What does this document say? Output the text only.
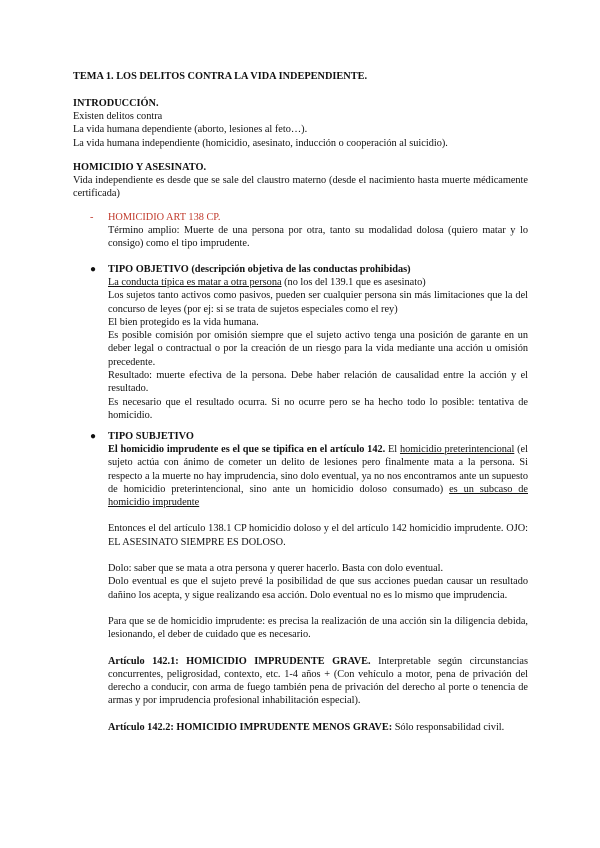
TEMA 1. LOS DELITOS CONTRA LA VIDA INDEPENDIENTE.
INTRODUCCIÓN.
Existen delitos contra
La vida humana dependiente (aborto, lesiones al feto…).
La vida humana independiente (homicidio, asesinato, inducción o cooperación al suicidio).
HOMICIDIO Y ASESINATO.
Vida independiente es desde que se sale del claustro materno (desde el nacimiento hasta muerte médicamente certificada)
- HOMICIDIO ART 138 CP.
Término amplio: Muerte de una persona por otra, tanto su modalidad dolosa (quiero matar y lo consigo) como el tipo imprudente.
● TIPO OBJETIVO (descripción objetiva de las conductas prohibidas)

La conducta típica es matar a otra persona (no los del 139.1 que es asesinato)

Los sujetos tanto activos como pasivos, pueden ser cualquier persona sin más limitaciones que la del concurso de leyes (por ej: si se trata de sujetos especiales como el rey)

El bien protegido es la vida humana.

Es posible comisión por omisión siempre que el sujeto activo tenga una posición de garante en un deber legal o contractual o por la creación de un riesgo para la vida mediante una acción u omisión precedente.

Resultado: muerte efectiva de la persona. Debe haber relación de causalidad entre la acción y el resultado.

Es necesario que el resultado ocurra. Si no ocurre pero se ha hecho todo lo posible: tentativa de homicidio.

● TIPO SUBJETIVO

El homicidio imprudente es el que se tipifica en el artículo 142. El homicidio preterintencional (el sujeto actúa con ánimo de cometer un delito de lesiones pero finalmente mata a la persona. Si respecto a la muerte no hay imprudencia, sino dolo eventual, ya no nos encontramos ante un supuesto de homicidio preterintencional, sino ante un homicidio doloso consumado) es un subcaso de homicidio imprudente

Entonces el del artículo 138.1 CP homicidio doloso y el del artículo 142 homicidio imprudente. OJO: EL ASESINATO SIEMPRE ES DOLOSO.

Dolo: saber que se mata a otra persona y querer hacerlo. Basta con dolo eventual.

Dolo eventual es que el sujeto prevé la posibilidad de que sus acciones puedan causar un resultado dañino los acepta, y sigue realizando esa acción. Dolo eventual no es lo mismo que imprudencia.

Para que se de homicidio imprudente: es precisa la realización de una acción sin la diligencia debida, lesionando, el deber de cuidado que es necesario.

Artículo 142.1: HOMICIDIO IMPRUDENTE GRAVE. Interpretable según circunstancias concurrentes, peligrosidad, contexto, etc. 1-4 años + (Con vehículo a motor, pena de privación del derecho a conducir, con arma de fuego también pena de privación del derecho al porte o tenencia de armas y por imprudencia profesional inhabilitación especial).

Artículo 142.2: HOMICIDIO IMPRUDENTE MENOS GRAVE: Sólo responsabilidad civil.
